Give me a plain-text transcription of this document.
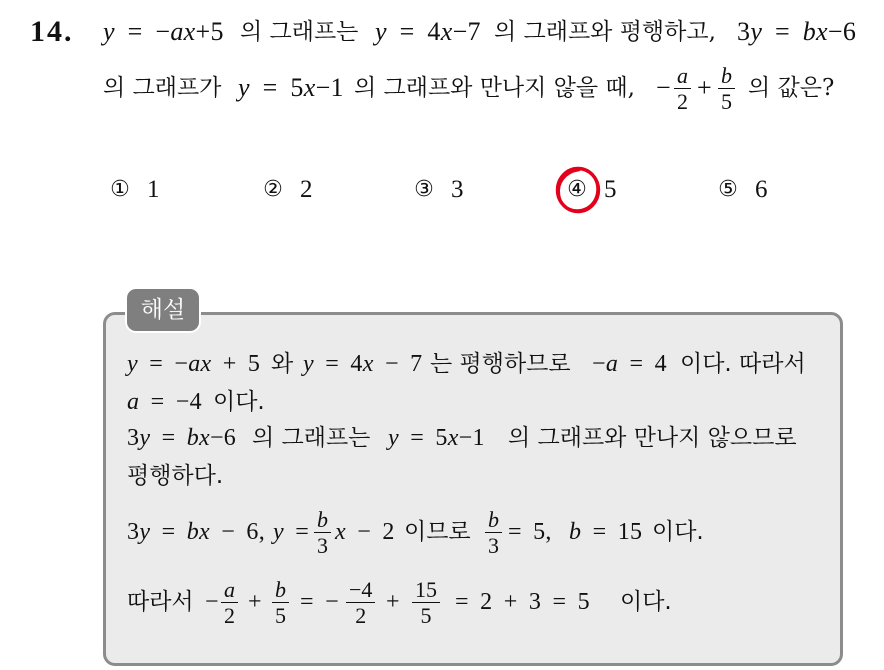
14. y = −ax+5 의 그래프는 y = 4x−7 의 그래프와 평행하고, 3y = bx−6
의 그래프가 y = 5x−1 의 그래프와 만나지 않을 때, − $\frac{a}{2} + \frac{b}{5}$ 의 값은?
① 1	② 2	③ 3	④ 5	⑤ 6
해설
y = −ax + 5 와 y = 4x − 7 는 평행하므로 −a = 4 이다. 따라서
a = −4 이다.
3y = bx−6 의 그래프는 y = 5x−1 의 그래프와 만나지 않으므로
평행하다.
3y = bx − 6, $y = \frac{b}{3}$ x − 2 이므로 $\frac{b}{3} = 5$, b = 15 이다.
따라서 − $\frac{a}{2} + \frac{b}{5}$ = − $\frac{-4}{2} + \frac{15}{5} = 2 + 3 = 5$ 이다.
